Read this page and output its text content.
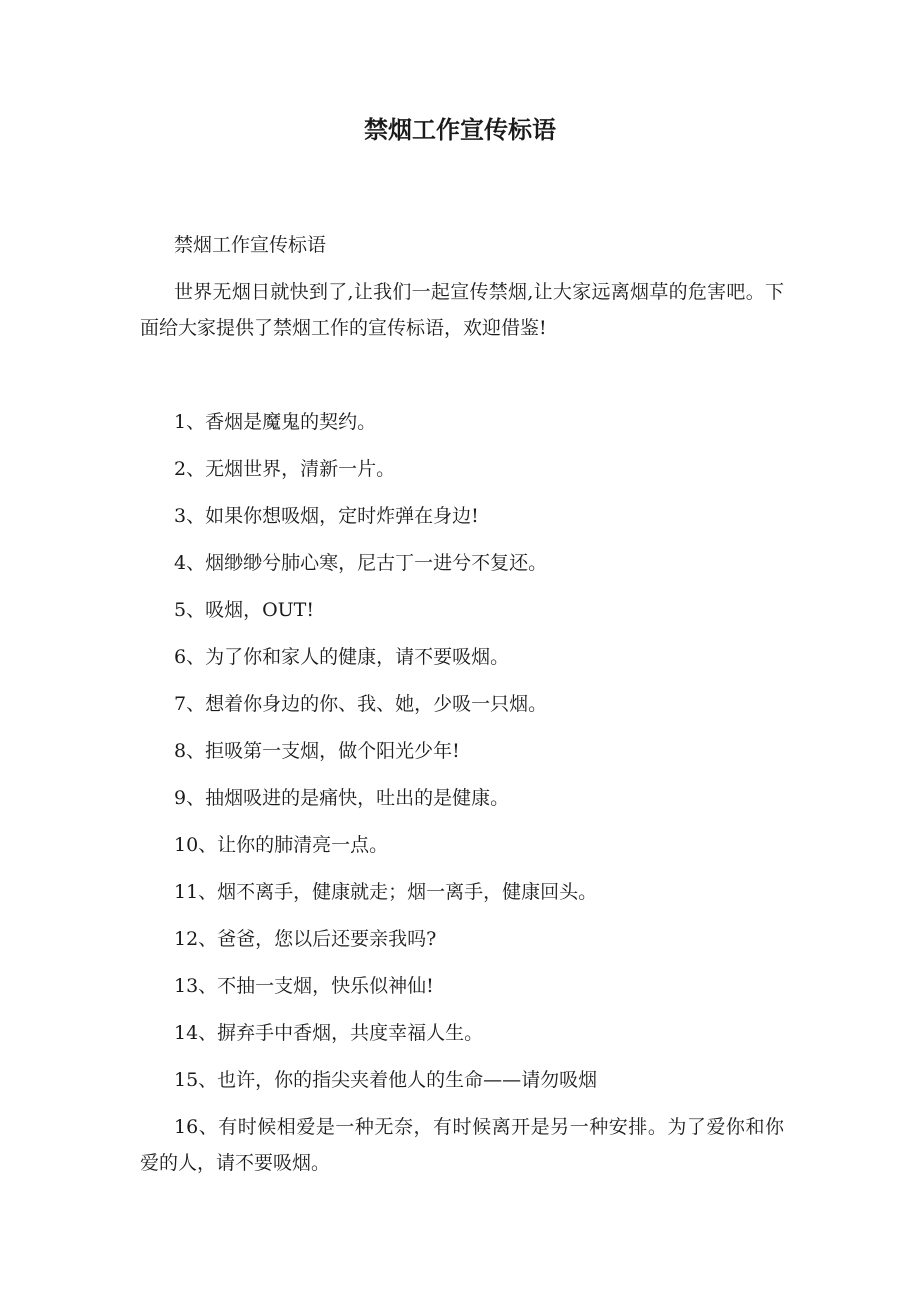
禁烟工作宣传标语

禁烟工作宣传标语

世界无烟日就快到了,让我们一起宣传禁烟,让大家远离烟草的危害吧。下面给大家提供了禁烟工作的宣传标语，欢迎借鉴!

1、香烟是魔鬼的契约。

2、无烟世界，清新一片。

3、如果你想吸烟，定时炸弹在身边!

4、烟缈缈兮肺心寒，尼古丁一进兮不复还。

5、吸烟，OUT!

6、为了你和家人的健康，请不要吸烟。

7、想着你身边的你、我、她，少吸一只烟。

8、拒吸第一支烟，做个阳光少年!

9、抽烟吸进的是痛快，吐出的是健康。

10、让你的肺清亮一点。

11、烟不离手，健康就走；烟一离手，健康回头。

12、爸爸，您以后还要亲我吗?

13、不抽一支烟，快乐似神仙!

14、摒弃手中香烟，共度幸福人生。

15、也许，你的指尖夹着他人的生命——请勿吸烟

16、有时候相爱是一种无奈，有时候离开是另一种安排。为了爱你和你爱的人，请不要吸烟。
